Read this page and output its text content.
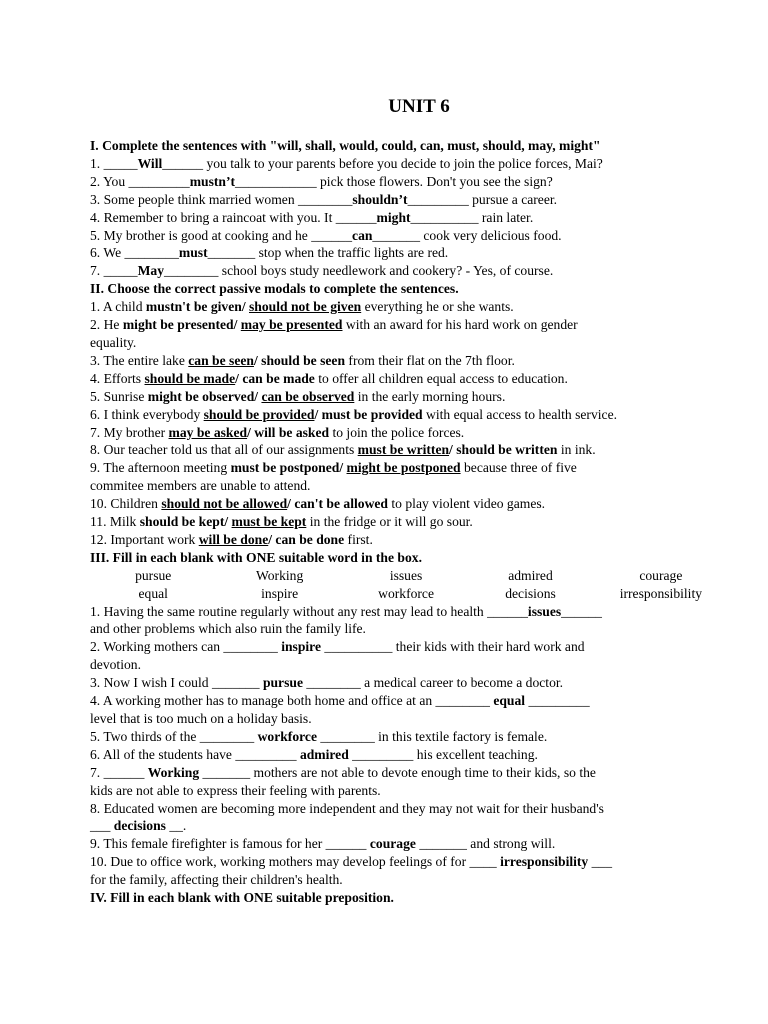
UNIT 6
I. Complete the sentences with "will, shall, would, could, can, must, should, may, might"
1. _____Will______ you talk to your parents before you decide to join the police forces, Mai?
2. You _________mustn’t____________ pick those flowers. Don't you see the sign?
3. Some people think married women ________shouldn’t_________ pursue a career.
4. Remember to bring a raincoat with you. It ______might__________ rain later.
5. My brother is good at cooking and he ______can_______ cook very delicious food.
6. We ________must_______ stop when the traffic lights are red.
7. _____May________ school boys study needlework and cookery? - Yes, of course.
II. Choose the correct passive modals to complete the sentences.
1. A child mustn't be given/ should not be given everything he or she wants.
2. He might be presented/ may be presented with an award for his hard work on gender
equality.
3. The entire lake can be seen/ should be seen from their flat on the 7th floor.
4. Efforts should be made/ can be made to offer all children equal access to education.
5. Sunrise might be observed/ can be observed in the early morning hours.
6. I think everybody should be provided/ must be provided with equal access to health service.
7. My brother may be asked/ will be asked to join the police forces.
8. Our teacher told us that all of our assignments must be written/ should be written in ink.
9. The afternoon meeting must be postponed/ might be postponed because three of five
commitee members are unable to attend.
10. Children should not be allowed/ can't be allowed to play violent video games.
11. Milk should be kept/ must be kept in the fridge or it will go sour.
12. Important work will be done/ can be done first.
III. Fill in each blank with ONE suitable word in the box.
pursue	Working	issues	admired	courage
equal	inspire	workforce	decisions	irresponsibility
1. Having the same routine regularly without any rest may lead to health ______issues______
and other problems which also ruin the family life.
2. Working mothers can ________ inspire __________ their kids with their hard work and
devotion.
3. Now I wish I could _______ pursue ________ a medical career to become a doctor.
4. A working mother has to manage both home and office at an ________ equal _________
level that is too much on a holiday basis.
5. Two thirds of the ________ workforce ________ in this textile factory is female.
6. All of the students have _________ admired _________ his excellent teaching.
7. ______ Working _______ mothers are not able to devote enough time to their kids, so the
kids are not able to express their feeling with parents.
8. Educated women are becoming more independent and they may not wait for their husband's
___ decisions __.
9. This female firefighter is famous for her ______ courage _______ and strong will.
10. Due to office work, working mothers may develop feelings of for ____ irresponsibility ___
for the family, affecting their children's health.
IV. Fill in each blank with ONE suitable preposition.
